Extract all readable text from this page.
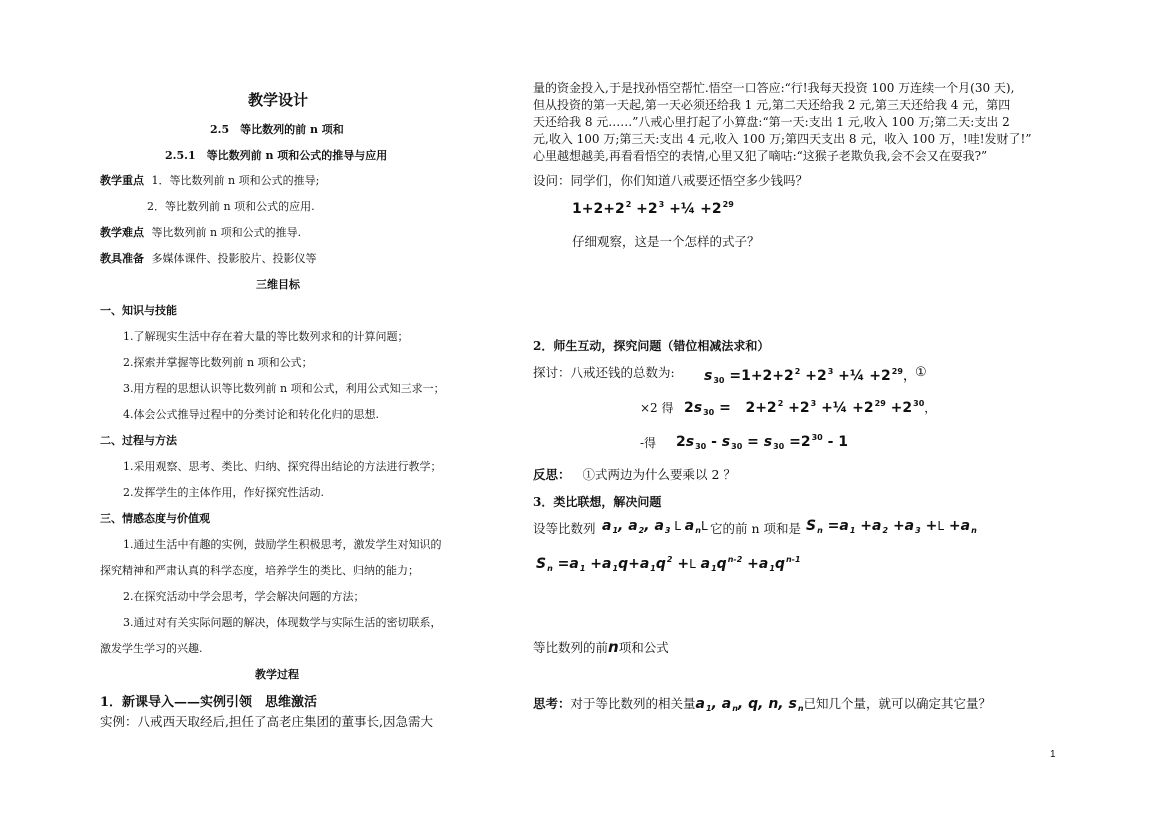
教学设计
2.5　等比数列的前 n 项和
2.5.1　等比数列前 n 项和公式的推导与应用
教学重点 1．等比数列前 n 项和公式的推导;
2．等比数列前 n 项和公式的应用.
教学难点 等比数列前 n 项和公式的推导.
教具准备 多媒体课件、投影胶片、投影仪等
三维目标
一、知识与技能
1.了解现实生活中存在着大量的等比数列求和的计算问题；
2.探索并掌握等比数列前 n 项和公式；
3.用方程的思想认识等比数列前 n 项和公式，利用公式知三求一；
4.体会公式推导过程中的分类讨论和转化化归的思想.
二、过程与方法
1.采用观察、思考、类比、归纳、探究得出结论的方法进行教学；
2.发挥学生的主体作用，作好探究性活动.
三、情感态度与价值观
1.通过生活中有趣的实例，鼓励学生积极思考，激发学生对知识的
探究精神和严肃认真的科学态度，培养学生的类比、归纳的能力；
2.在探究活动中学会思考，学会解决问题的方法；
3.通过对有关实际问题的解决，体现数学与实际生活的密切联系，
激发学生学习的兴趣.
教学过程
1．新课导入——实例引领　思维激活
实例：八戒西天取经后,担任了高老庄集团的董事长,因急需大
量的资金投入,于是找孙悟空帮忙.悟空一口答应:“行!我每天投资 100 万连续一个月(30 天),
但从投资的第一天起,第一天必须还给我 1 元,第二天还给我 2 元,第三天还给我 4 元，第四
天还给我 8 元……”八戒心里打起了小算盘:“第一天:支出 1 元,收入 100 万;第二天:支出 2
元,收入 100 万;第三天:支出 4 元,收入 100 万;第四天支出 8 元，收入 100 万，!哇!发财了!”
心里越想越美,再看看悟空的表情,心里又犯了嘀咕:“这猴子老欺负我,会不会又在耍我?”
设问：同学们，你们知道八戒要还悟空多少钱吗？
$1+2+2^2 +2^3$ +¼ $+2^{29}$
仔细观察，这是一个怎样的式子？
2．师生互动，探究问题（错位相减法求和）
探讨：八戒还钱的总数为: $s_{30} =1+2+2^2 +2^3$ +¼ $+2^{29}$，
①
×2 得 $2s_{30} = 2+2^2 +2^3$ +¼ $+2^{29} +2^{30}$，
-得 $2s_{30} - s_{30} = s_{30} =2^{30} - 1$
反思： ①式两边为什么要乘以 2 ？
3．类比联想，解决问题
设等比数列 $a_1$, $a_2$, $a_3$ L $a_nL$ 它的前 n 项和是 $S_n =a_1 +a_2 +a_3 +L +a_n$
$S_n =a_1 +a_1q+a_1q^2 +L$ $a_1q^{n-2} +a_1q^{n-1}$
等比数列的前n项和公式
思考：对于等比数列的相关量$a_1$, $a_n$, q, n, $s_n$已知几个量，就可以确定其它量？
1
